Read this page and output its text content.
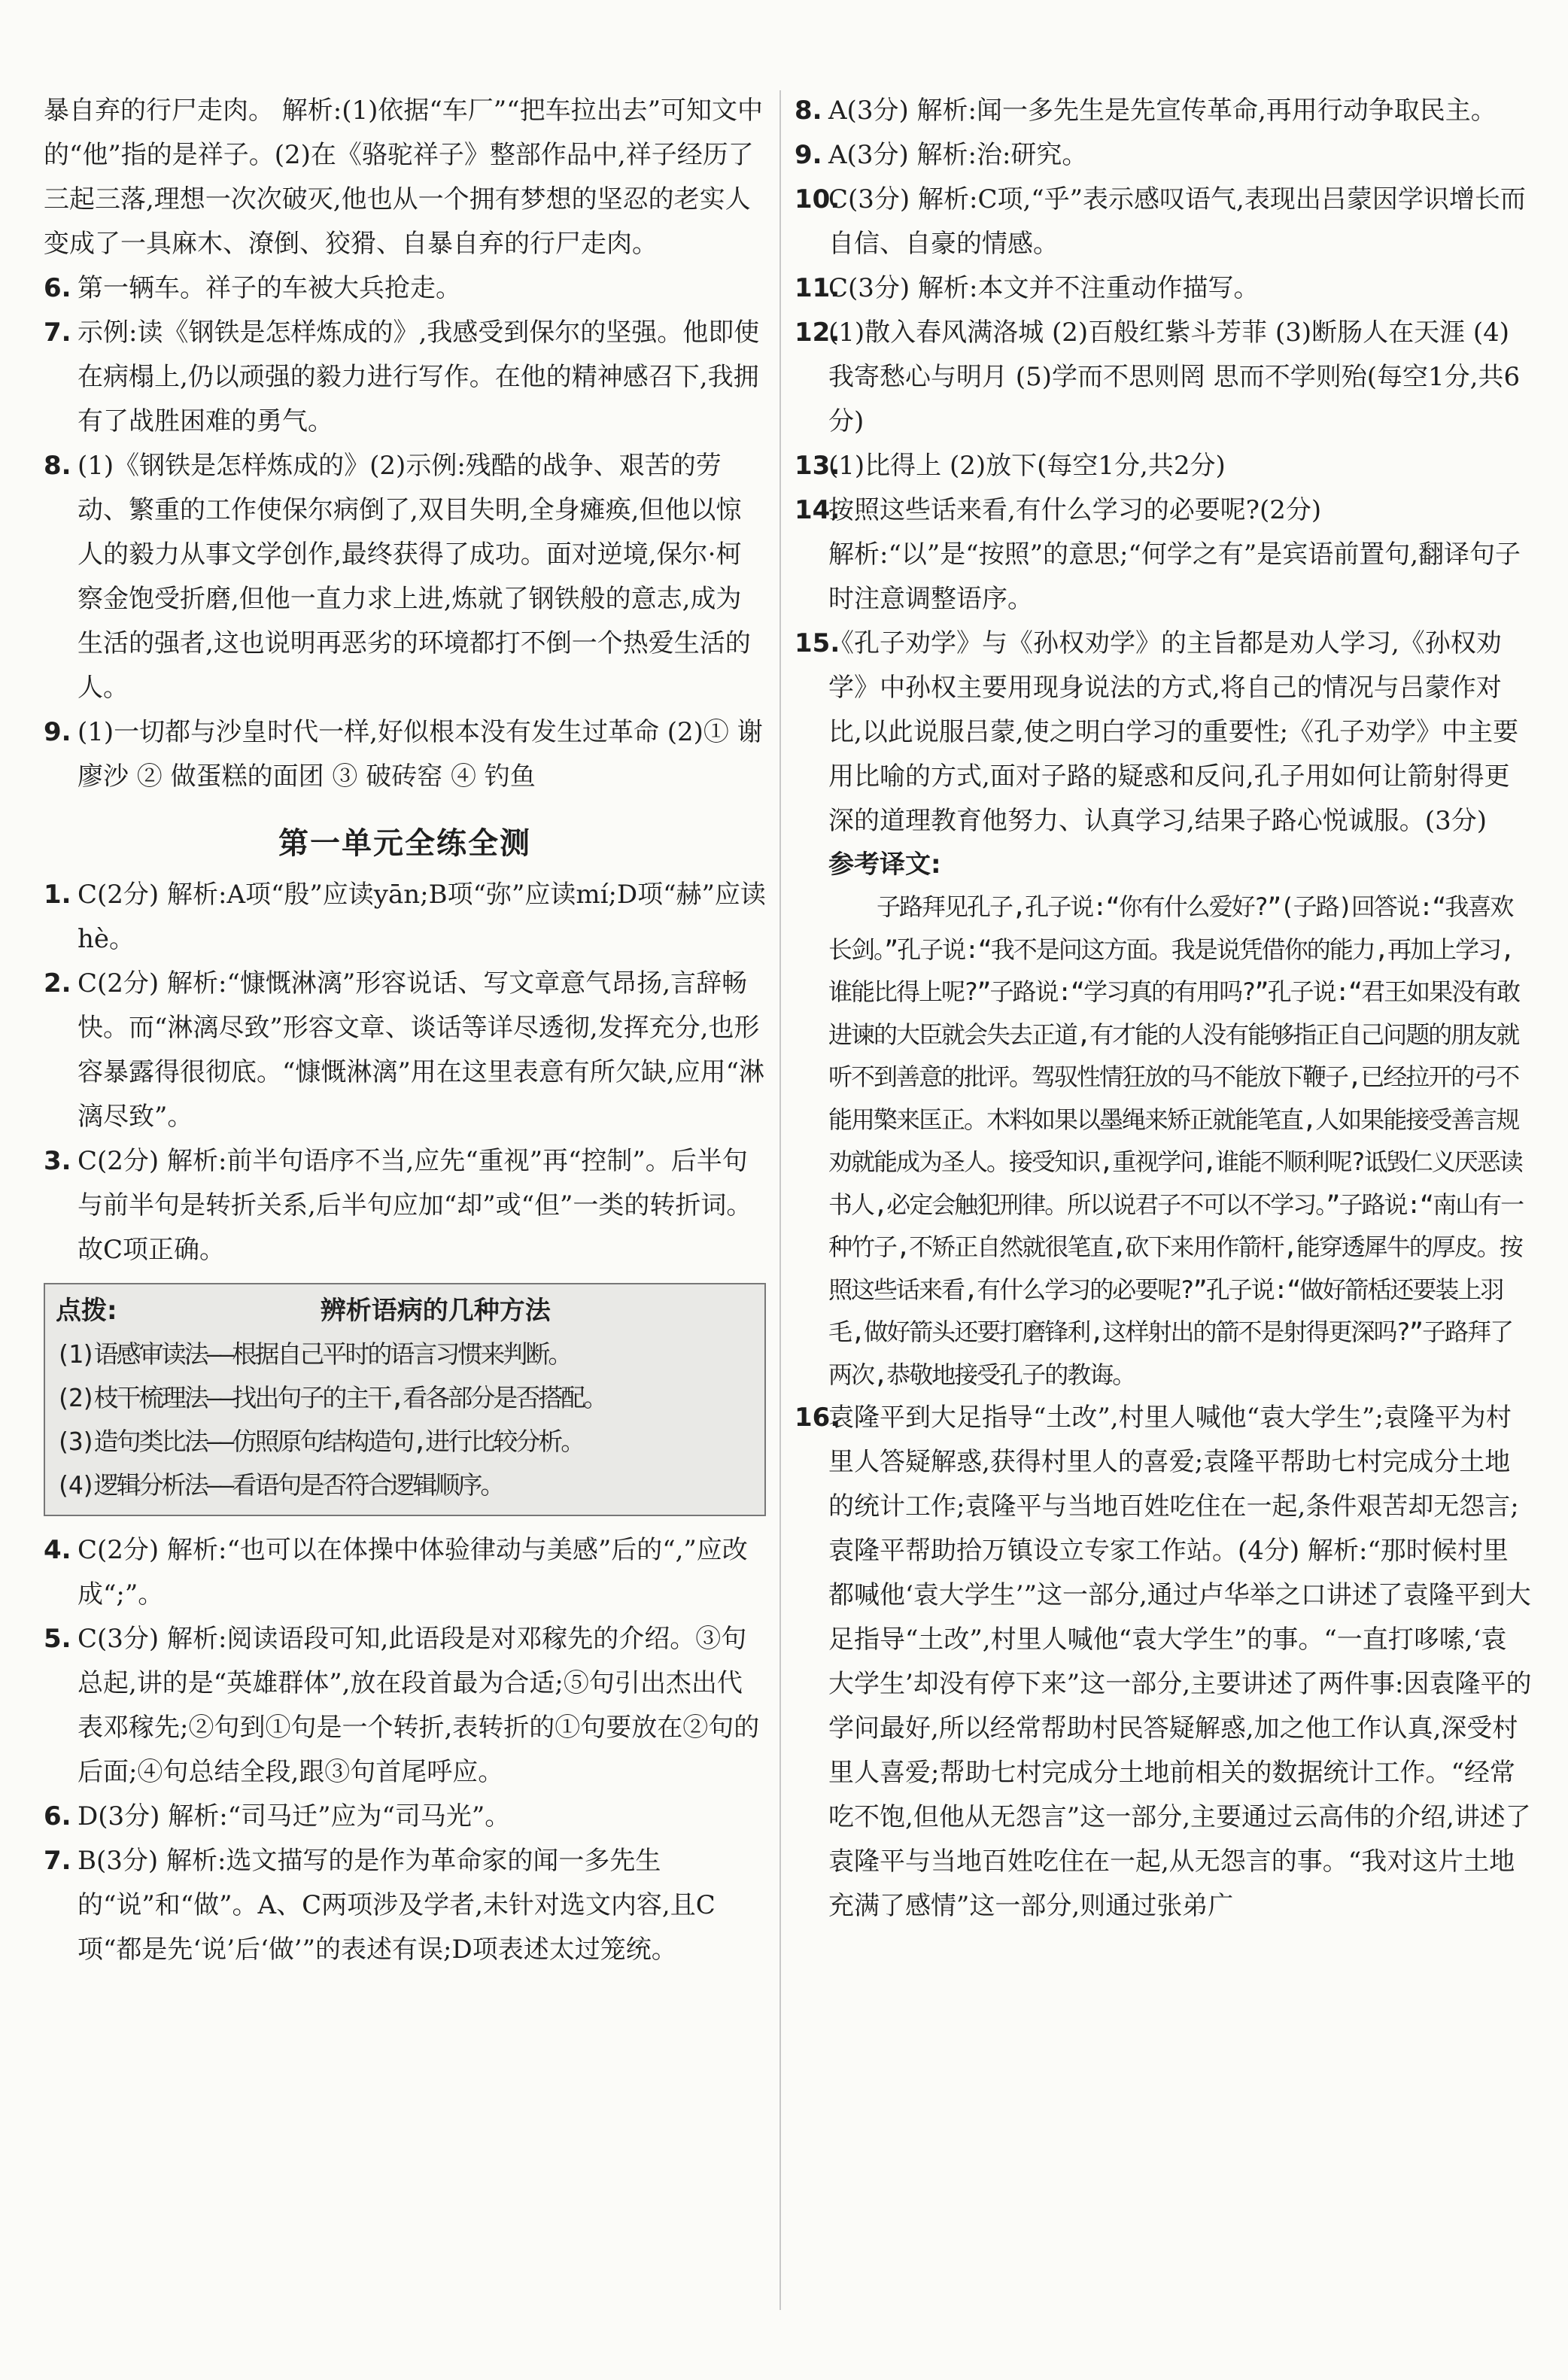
暴自弃的行尸走肉。 解析:(1)依据“车厂”“把车拉出去”可知文中的“他”指的是祥子。(2)在《骆驼祥子》整部作品中,祥子经历了三起三落,理想一次次破灭,他也从一个拥有梦想的坚忍的老实人变成了一具麻木、潦倒、狡猾、自暴自弃的行尸走肉。

6. 第一辆车。祥子的车被大兵抢走。
7. 示例:读《钢铁是怎样炼成的》,我感受到保尔的坚强。他即使在病榻上,仍以顽强的毅力进行写作。在他的精神感召下,我拥有了战胜困难的勇气。
8. (1)《钢铁是怎样炼成的》(2)示例:残酷的战争、艰苦的劳动、繁重的工作使保尔病倒了,双目失明,全身瘫痪,但他以惊人的毅力从事文学创作,最终获得了成功。面对逆境,保尔·柯察金饱受折磨,但他一直力求上进,炼就了钢铁般的意志,成为生活的强者,这也说明再恶劣的环境都打不倒一个热爱生活的人。
9. (1)一切都与沙皇时代一样,好似根本没有发生过革命 (2)① 谢廖沙 ② 做蛋糕的面团 ③ 破砖窑 ④ 钓鱼
第一单元全练全测
1. C(2分) 解析:A项“殷”应读yān;B项“弥”应读mí;D项“赫”应读hè。
2. C(2分) 解析:“慷慨淋漓”形容说话、写文章意气昂扬,言辞畅快。而“淋漓尽致”形容文章、谈话等详尽透彻,发挥充分,也形容暴露得很彻底。“慷慨淋漓”用在这里表意有所欠缺,应用“淋漓尽致”。
3. C(2分) 解析:前半句语序不当,应先“重视”再“控制”。后半句与前半句是转折关系,后半句应加“却”或“但”一类的转折词。故C项正确。
点拨:	辨析语病的几种方法

(1)语感审读法——根据自己平时的语言习惯来判断。

(2)枝干梳理法——找出句子的主干,看各部分是否搭配。

(3)造句类比法——仿照原句结构造句,进行比较分析。

(4)逻辑分析法——看语句是否符合逻辑顺序。

4. C(2分) 解析:“也可以在体操中体验律动与美感”后的“,”应改成“;”。
5. C(3分) 解析:阅读语段可知,此语段是对邓稼先的介绍。③句总起,讲的是“英雄群体”,放在段首最为合适;⑤句引出杰出代表邓稼先;②句到①句是一个转折,表转折的①句要放在②句的后面;④句总结全段,跟③句首尾呼应。
6. D(3分) 解析:“司马迁”应为“司马光”。
7. B(3分) 解析:选文描写的是作为革命家的闻一多先生的“说”和“做”。A、C两项涉及学者,未针对选文内容,且C项“都是先‘说’后‘做’”的表述有误;D项表述太过笼统。
8. A(3分) 解析:闻一多先生是先宣传革命,再用行动争取民主。
9. A(3分) 解析:治:研究。
10.
C(3分) 解析:C项,“乎”表示感叹语气,表现出吕蒙因学识增长而自信、自豪的情感。
11.
C(3分) 解析:本文并不注重动作描写。
12.
(1)散入春风满洛城 (2)百般红紫斗芳菲 (3)断肠人在天涯 (4)我寄愁心与明月 (5)学而不思则罔 思而不学则殆(每空1分,共6分)
13.
(1)比得上 (2)放下(每空1分,共2分)
14.
按照这些话来看,有什么学习的必要呢?(2分)

解析:“以”是“按照”的意思;“何学之有”是宾语前置句,翻译句子时注意调整语序。

15.
《孔子劝学》与《孙权劝学》的主旨都是劝人学习,《孙权劝学》中孙权主要用现身说法的方式,将自己的情况与吕蒙作对比,以此说服吕蒙,使之明白学习的重要性;《孔子劝学》中主要用比喻的方式,面对子路的疑惑和反问,孔子用如何让箭射得更深的道理教育他努力、认真学习,结果子路心悦诚服。(3分)
参考译文:

子路拜见孔子,孔子说:“你有什么爱好?”(子路)回答说:“我喜欢长剑。”孔子说:“我不是问这方面。我是说凭借你的能力,再加上学习,谁能比得上呢?”子路说:“学习真的有用吗?”孔子说:“君王如果没有敢进谏的大臣就会失去正道,有才能的人没有能够指正自己问题的朋友就听不到善意的批评。驾驭性情狂放的马不能放下鞭子,已经拉开的弓不能用檠来匡正。木料如果以墨绳来矫正就能笔直,人如果能接受善言规劝就能成为圣人。接受知识,重视学问,谁能不顺利呢?诋毁仁义厌恶读书人,必定会触犯刑律。所以说君子不可以不学习。”子路说:“南山有一种竹子,不矫正自然就很笔直,砍下来用作箭杆,能穿透犀牛的厚皮。按照这些话来看,有什么学习的必要呢?”孔子说:“做好箭栝还要装上羽毛,做好箭头还要打磨锋利,这样射出的箭不是射得更深吗?”子路拜了两次,恭敬地接受孔子的教诲。

16.
袁隆平到大足指导“土改”,村里人喊他“袁大学生”;袁隆平为村里人答疑解惑,获得村里人的喜爱;袁隆平帮助七村完成分土地的统计工作;袁隆平与当地百姓吃住在一起,条件艰苦却无怨言;袁隆平帮助拾万镇设立专家工作站。(4分) 解析:“那时候村里都喊他‘袁大学生’”这一部分,通过卢华举之口讲述了袁隆平到大足指导“土改”,村里人喊他“袁大学生”的事。“一直打哆嗦,‘袁大学生’却没有停下来”这一部分,主要讲述了两件事:因袁隆平的学问最好,所以经常帮助村民答疑解惑,加之他工作认真,深受村里人喜爱;帮助七村完成分土地前相关的数据统计工作。“经常吃不饱,但他从无怨言”这一部分,主要通过云高伟的介绍,讲述了袁隆平与当地百姓吃住在一起,从无怨言的事。“我对这片土地充满了感情”这一部分,则通过张弟广
